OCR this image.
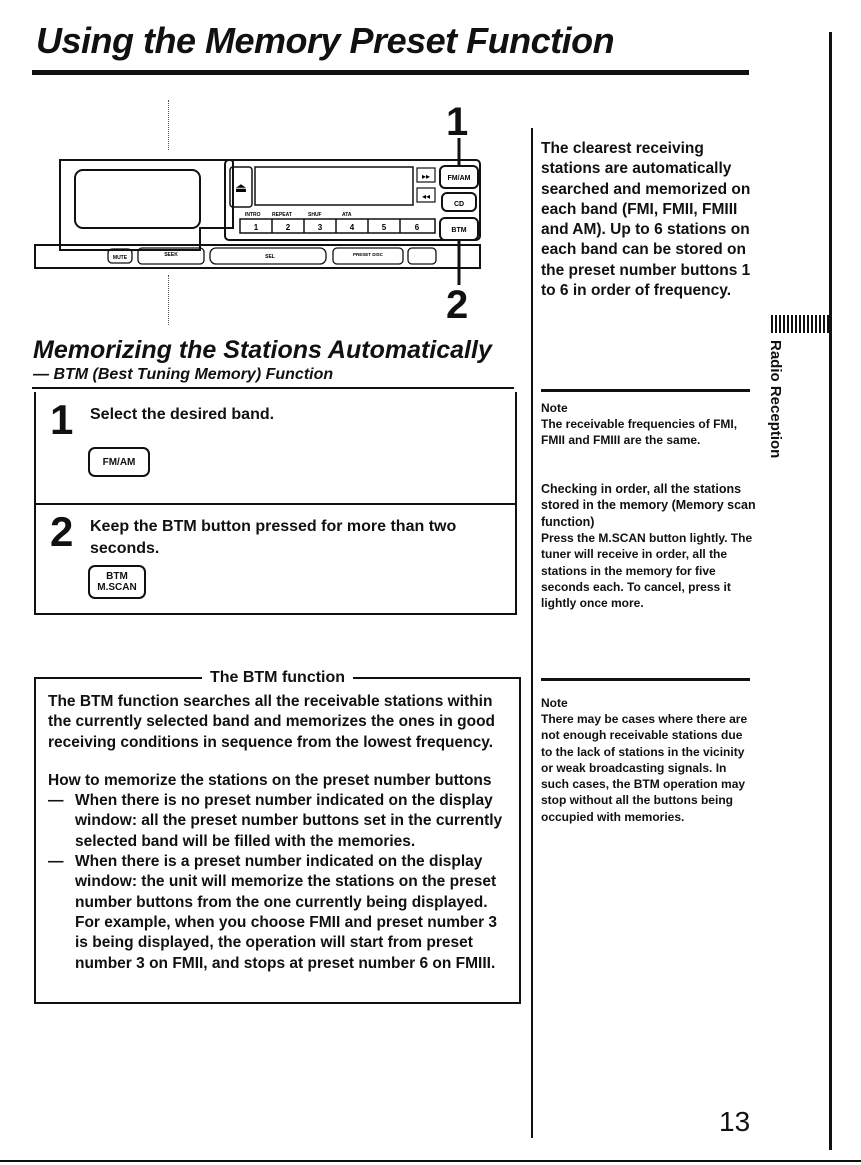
Using the Memory Preset Function
1
2
⏏
▸▸
◂◂
FM/AM
CD
BTM
INTRO REPEAT	SHUF	ATA
1	2	3	4	5	6
MUTE	SEEK	SEL	PRESET DISC
The clearest receiving stations are automatically searched and memorized on each band (FMI, FMII, FMIII and AM). Up to 6 stations on each band can be stored on the preset number buttons 1 to 6 in order of frequency.
Memorizing the Stations Automatically
— BTM (Best Tuning Memory) Function
1 Select the desired band.
FM/AM
2 Keep the BTM button pressed for more than two seconds.
BTM
M.SCAN
Note
The receivable frequencies of FMI, FMII and FMIII are the same.
Checking in order, all the stations stored in the memory (Memory scan function)
Press the M.SCAN button lightly. The tuner will receive in order, all the stations in the memory for five seconds each. To cancel, press it lightly once more.
The BTM function

The BTM function searches all the receivable stations within the currently selected band and memorizes the ones in good receiving conditions in sequence from the lowest frequency.

How to memorize the stations on the preset number buttons

— When there is no preset number indicated on the display window: all the preset number buttons set in the currently selected band will be filled with the memories.
— When there is a preset number indicated on the display window: the unit will memorize the stations on the preset number buttons from the one currently being displayed. For example, when you choose FMII and preset number 3 is being displayed, the operation will start from preset number 3 on FMII, and stops at preset number 6 on FMIII.
Note
There may be cases where there are not enough receivable stations due to the lack of stations in the vicinity or weak broadcasting signals. In such cases, the BTM operation may stop without all the buttons being occupied with memories.
Radio Reception
13
